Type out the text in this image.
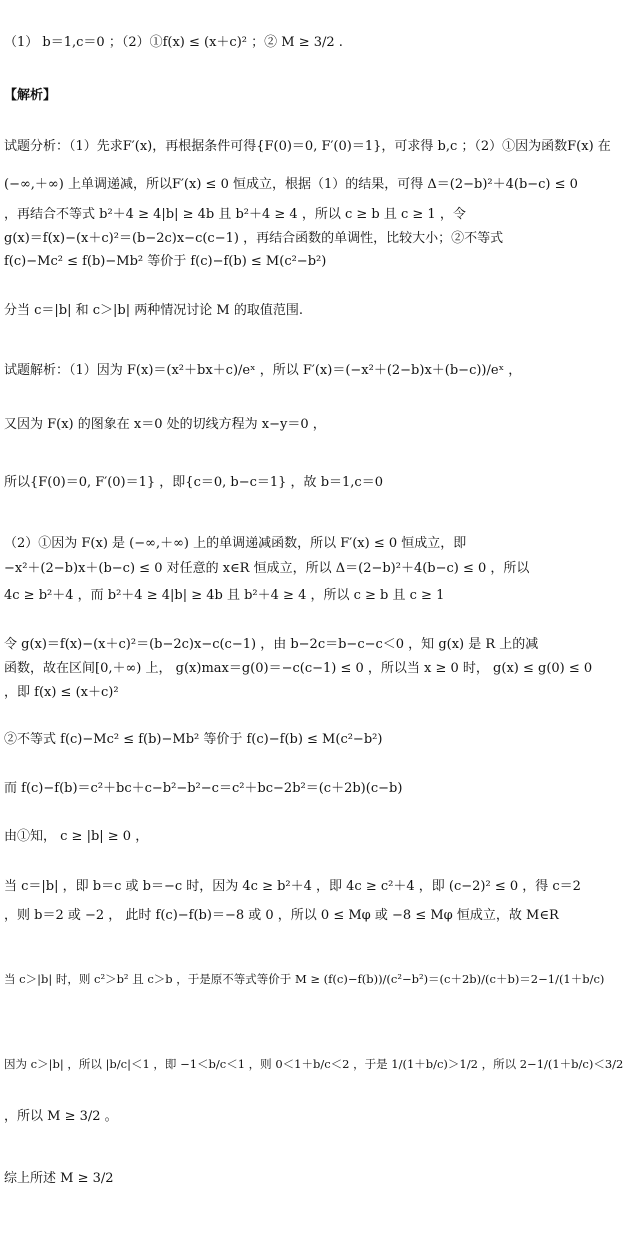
（1） b＝1,c＝0 ；（2）①f(x) ≤ (x＋c)² ；② M ≥ 3/2 .
【解析】
试题分析：（1）先求F′(x)，再根据条件可得{F(0)＝0, F′(0)＝1}，可求得 b,c ；（2）①因为函数F(x) 在
(−∞,＋∞) 上单调递减，所以F′(x) ≤ 0 恒成立，根据（1）的结果，可得 Δ＝(2−b)²＋4(b−c) ≤ 0
，再结合不等式 b²＋4 ≥ 4|b| ≥ 4b 且 b²＋4 ≥ 4 ，所以 c ≥ b 且 c ≥ 1 ，令
g(x)＝f(x)−(x＋c)²＝(b−2c)x−c(c−1) ，再结合函数的单调性，比较大小；②不等式
f(c)−Mc² ≤ f(b)−Mb² 等价于 f(c)−f(b) ≤ M(c²−b²)
分当 c＝|b| 和 c＞|b| 两种情况讨论 M 的取值范围.
试题解析：（1）因为 F(x)＝(x²＋bx＋c)/eˣ ，所以 F′(x)＝(−x²＋(2−b)x＋(b−c))/eˣ ，
又因为 F(x) 的图象在 x＝0 处的切线方程为 x−y＝0 ，
所以{F(0)＝0, F′(0)＝1} ，即{c＝0, b−c＝1} ，故 b＝1,c＝0
（2）①因为 F(x) 是 (−∞,＋∞) 上的单调递减函数，所以 F′(x) ≤ 0 恒成立，即
−x²＋(2−b)x＋(b−c) ≤ 0 对任意的 x∈R 恒成立，所以 Δ＝(2−b)²＋4(b−c) ≤ 0 ，所以
4c ≥ b²＋4 ，而 b²＋4 ≥ 4|b| ≥ 4b 且 b²＋4 ≥ 4 ，所以 c ≥ b 且 c ≥ 1
令 g(x)＝f(x)−(x＋c)²＝(b−2c)x−c(c−1) ，由 b−2c＝b−c−c＜0 ，知 g(x) 是 R 上的减
函数，故在区间[0,＋∞) 上， g(x)max＝g(0)＝−c(c−1) ≤ 0 ，所以当 x ≥ 0 时， g(x) ≤ g(0) ≤ 0
，即 f(x) ≤ (x＋c)²
②不等式 f(c)−Mc² ≤ f(b)−Mb² 等价于 f(c)−f(b) ≤ M(c²−b²)
而 f(c)−f(b)＝c²＋bc＋c−b²−b²−c＝c²＋bc−2b²＝(c＋2b)(c−b)
由①知， c ≥ |b| ≥ 0 ，
当 c＝|b| ，即 b＝c 或 b＝−c 时，因为 4c ≥ b²＋4 ，即 4c ≥ c²＋4 ，即 (c−2)² ≤ 0 ，得 c＝2
，则 b＝2 或 −2 ， 此时 f(c)−f(b)＝−8 或 0 ，所以 0 ≤ Mφ 或 −8 ≤ Mφ 恒成立，故 M∈R
当 c＞|b| 时，则 c²＞b² 且 c＞b ，于是原不等式等价于 M ≥ (f(c)−f(b))/(c²−b²)＝(c＋2b)/(c＋b)＝2−1/(1＋b/c)
因为 c＞|b| ，所以 |b/c|＜1 ，即 −1＜b/c＜1 ，则 0＜1＋b/c＜2 ，于是 1/(1＋b/c)＞1/2 ，所以 2−1/(1＋b/c)＜3/2
，所以 M ≥ 3/2 。
综上所述 M ≥ 3/2
